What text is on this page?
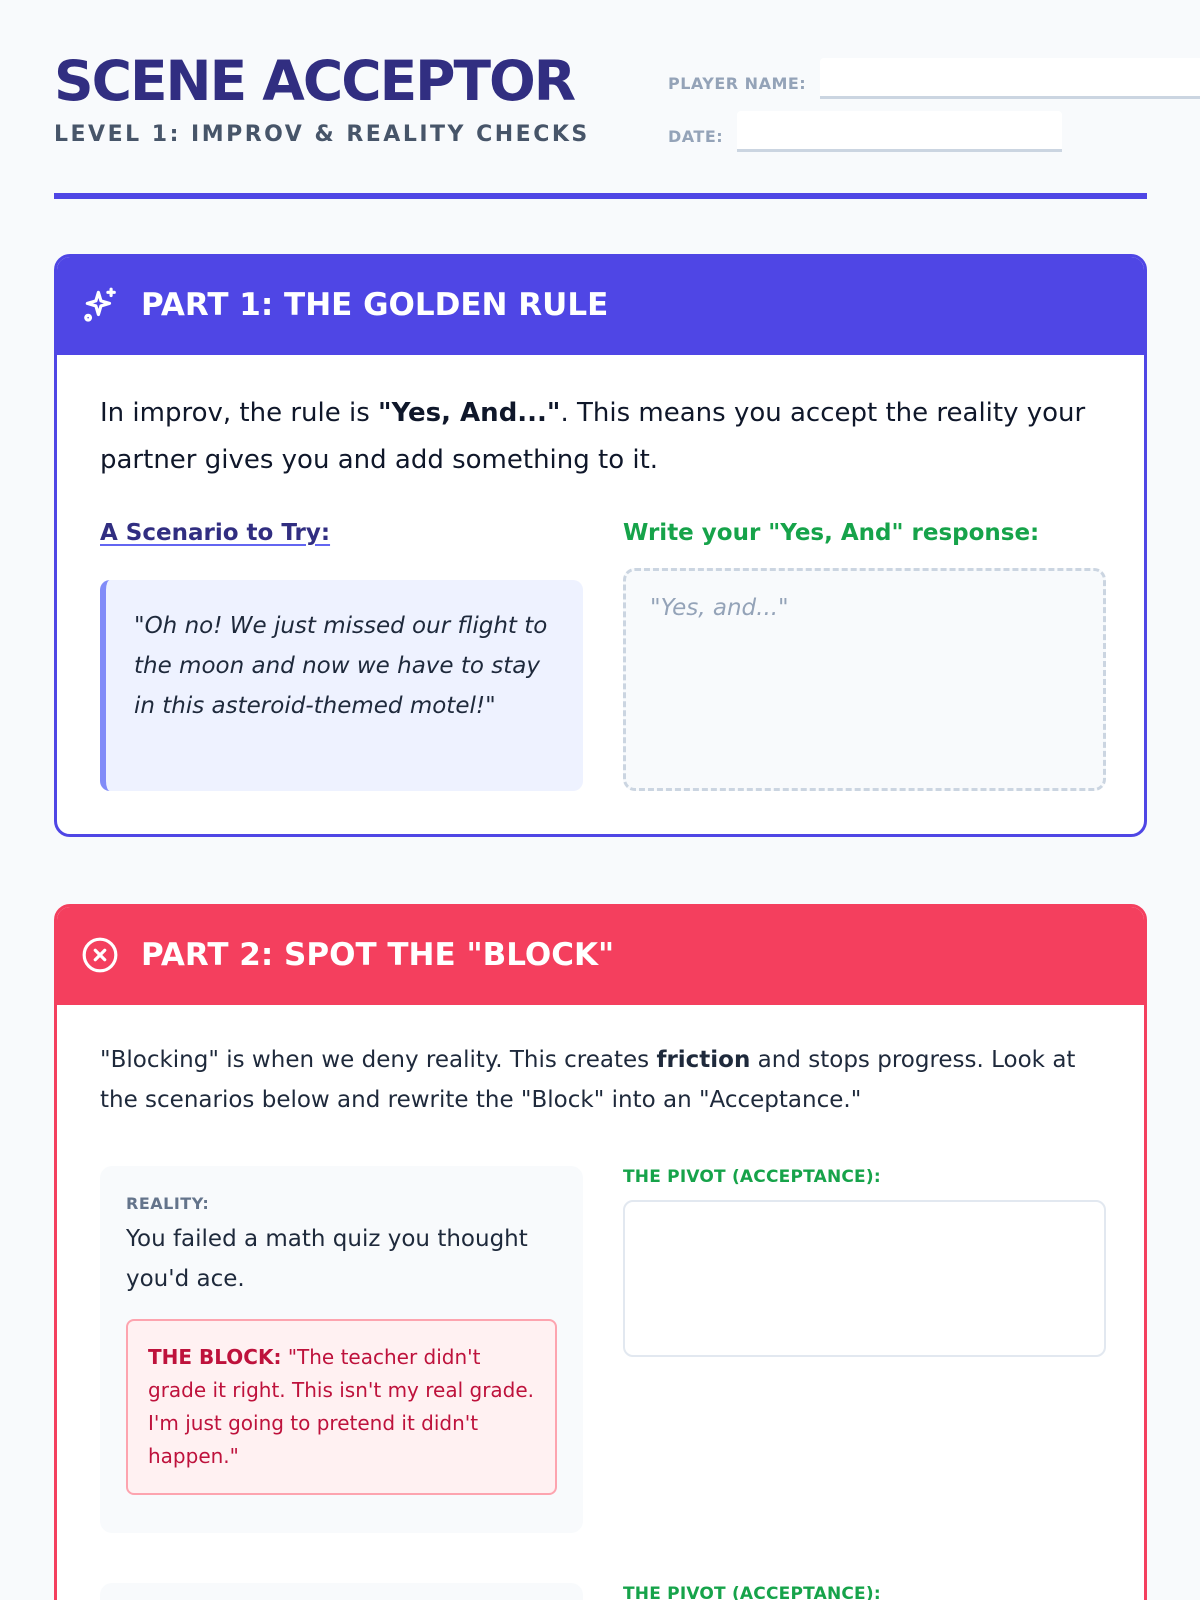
SCENE ACCEPTOR
LEVEL 1: IMPROV & REALITY CHECKS
PLAYER NAME:
DATE:
PART 1: THE GOLDEN RULE
In improv, the rule is "Yes, And...". This means you accept the reality your partner gives you and add something to it.
A Scenario to Try:	Write your "Yes, And" response:
"Oh no! We just missed our flight to the moon and now we have to stay in this asteroid-themed motel!"
"Yes, and..."
PART 2: SPOT THE "BLOCK"
"Blocking" is when we deny reality. This creates friction and stops progress. Look at the scenarios below and rewrite the "Block" into an "Acceptance."
REALITY:
You failed a math quiz you thought you'd ace.
THE BLOCK: "The teacher didn't grade it right. This isn't my real grade. I'm just going to pretend it didn't happen."
THE PIVOT (ACCEPTANCE):
THE PIVOT (ACCEPTANCE):
